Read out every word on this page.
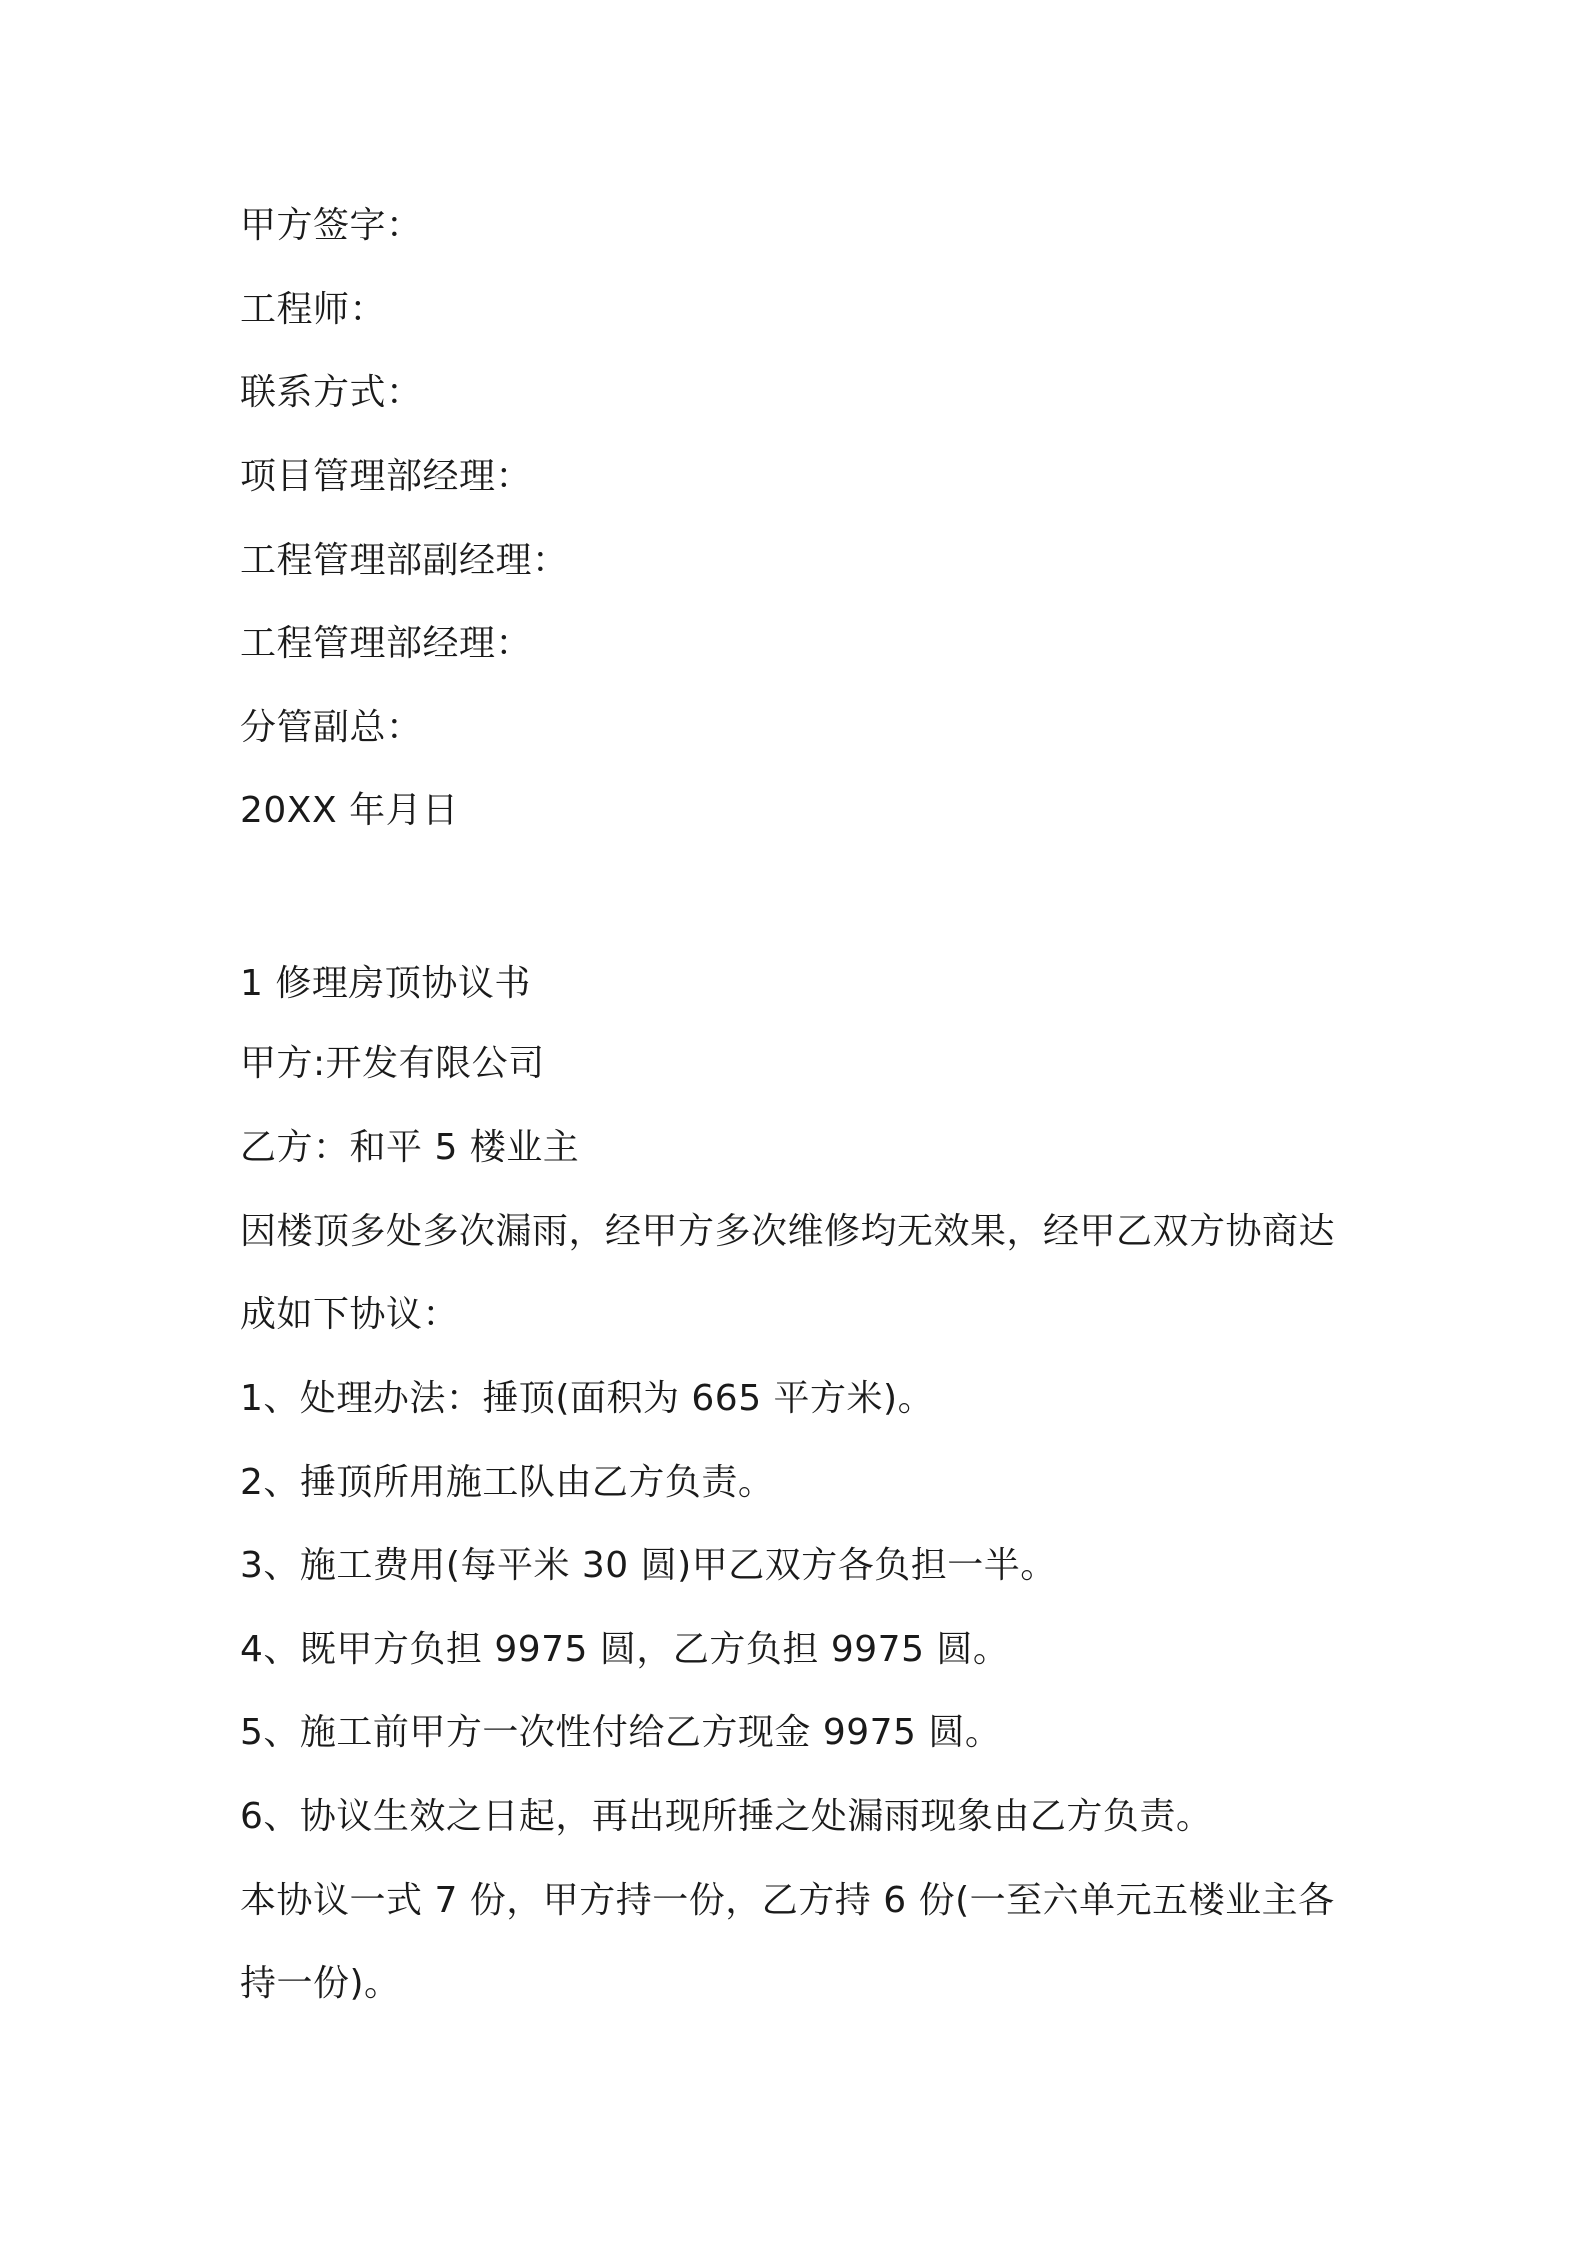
甲方签字：
工程师：
联系方式：
项目管理部经理：
工程管理部副经理：
工程管理部经理：
分管副总：
20XX 年月日
1 修理房顶协议书
甲方:开发有限公司
乙方：和平 5 楼业主
因楼顶多处多次漏雨，经甲方多次维修均无效果，经甲乙双方协商达
成如下协议：
1、处理办法：捶顶(面积为 665 平方米)。
2、捶顶所用施工队由乙方负责。
3、施工费用(每平米 30 圆)甲乙双方各负担一半。
4、既甲方负担 9975 圆，乙方负担 9975 圆。
5、施工前甲方一次性付给乙方现金 9975 圆。
6、协议生效之日起，再出现所捶之处漏雨现象由乙方负责。
本协议一式 7 份，甲方持一份，乙方持 6 份(一至六单元五楼业主各
持一份)。
